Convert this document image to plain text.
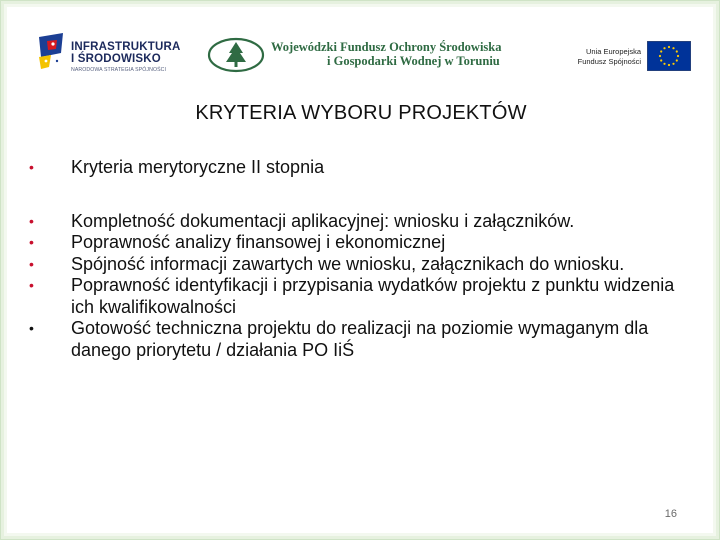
INFRASTRUKTURA
I ŚRODOWISKO
NARODOWA STRATEGIA SPÓJNOŚCI
Wojewódzki Fundusz Ochrony Środowiska
i Gospodarki Wodnej w Toruniu
Unia Europejska
Fundusz Spójności
KRYTERIA WYBORU PROJEKTÓW
• Kryteria merytoryczne II stopnia
• Kompletność dokumentacji aplikacyjnej: wniosku i załączników.
• Poprawność analizy finansowej i ekonomicznej
• Spójność informacji zawartych we wniosku, załącznikach do wniosku.
• Poprawność identyfikacji i przypisania wydatków projektu z punktu widzenia ich kwalifikowalności
• Gotowość techniczna projektu do realizacji na poziomie wymaganym dla danego priorytetu / działania PO IiŚ
16
